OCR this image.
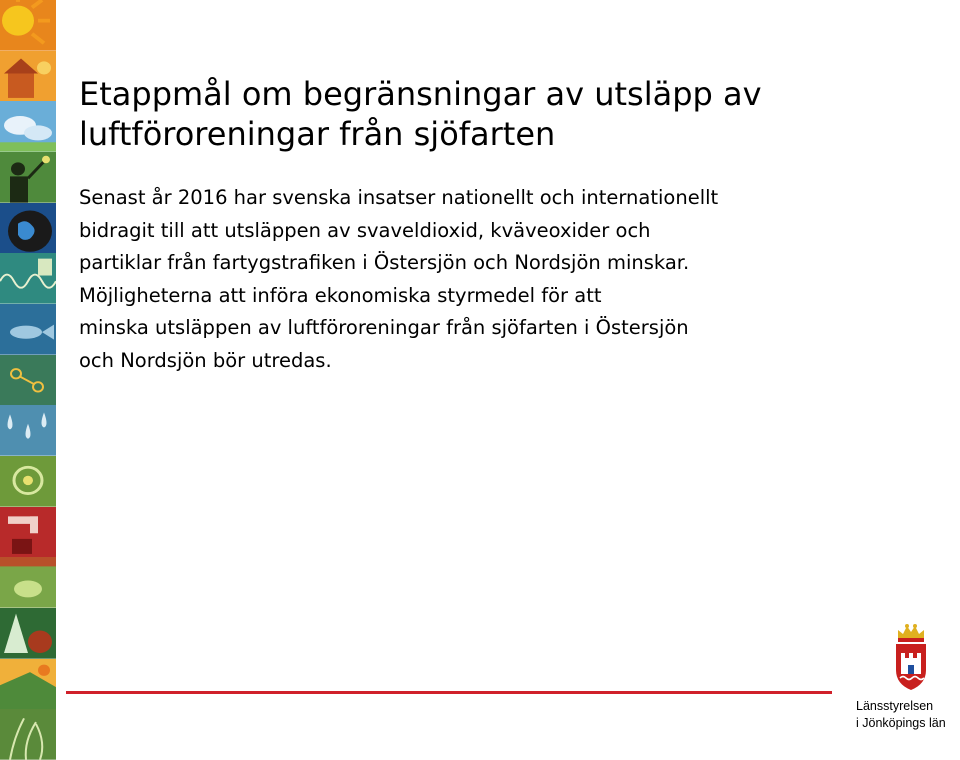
Etappmål om begränsningar av utsläpp av
luftföroreningar från sjöfarten

Senast år 2016 har svenska insatser nationellt och internationellt
bidragit till att utsläppen av svaveldioxid, kväveoxider och
partiklar från fartygstrafiken i Östersjön och Nordsjön minskar.

Möjligheterna att införa ekonomiska styrmedel för att
minska utsläppen av luftföroreningar från sjöfarten i Östersjön
och Nordsjön bör utredas.

Länsstyrelsen
i Jönköpings län
